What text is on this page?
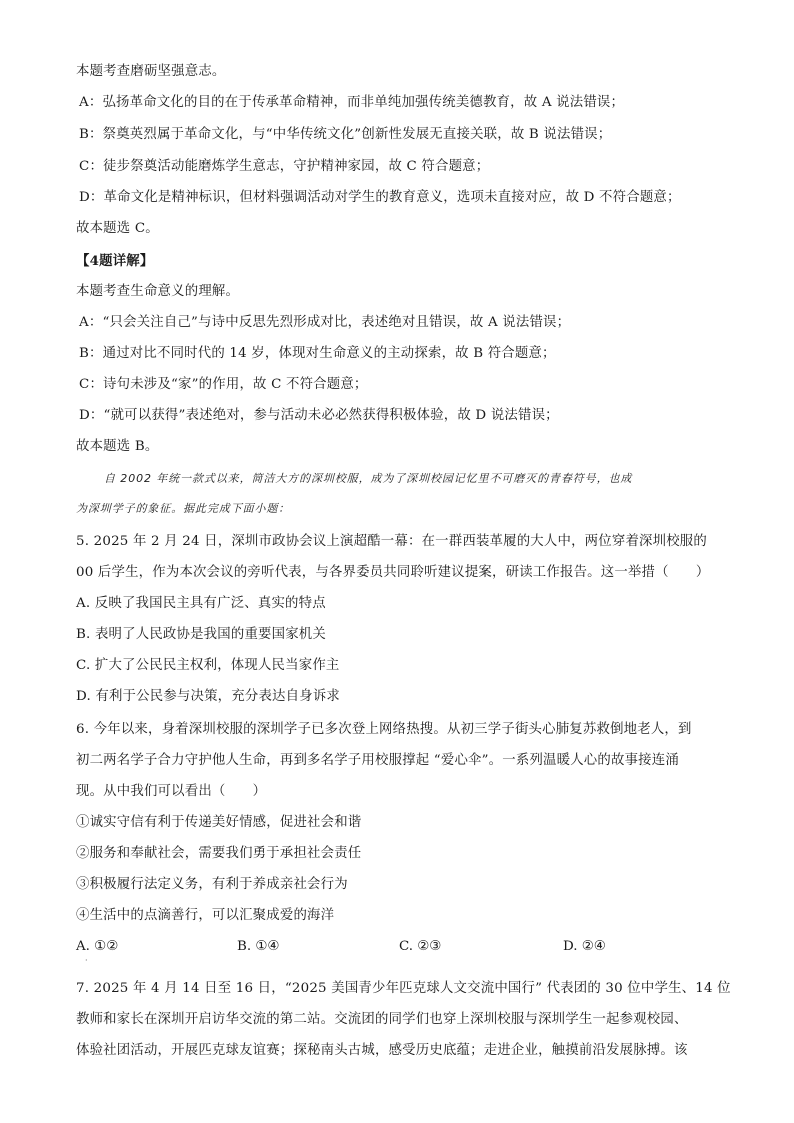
本题考查磨砺坚强意志。
A：弘扬革命文化的目的在于传承革命精神，而非单纯加强传统美德教育，故 A 说法错误；
B：祭奠英烈属于革命文化，与“中华传统文化”创新性发展无直接关联，故 B 说法错误；
C：徒步祭奠活动能磨炼学生意志，守护精神家园，故 C 符合题意；
D：革命文化是精神标识，但材料强调活动对学生的教育意义，选项未直接对应，故 D 不符合题意；
故本题选 C。
【4题详解】
本题考查生命意义的理解。
A：“只会关注自己”与诗中反思先烈形成对比，表述绝对且错误，故 A 说法错误；
B：通过对比不同时代的 14 岁，体现对生命意义的主动探索，故 B 符合题意；
C：诗句未涉及“家”的作用，故 C 不符合题意；
D：“就可以获得”表述绝对，参与活动未必必然获得积极体验，故 D 说法错误；
故本题选 B。
自 2002 年统一款式以来，简洁大方的深圳校服，成为了深圳校园记忆里不可磨灭的青春符号，也成
为深圳学子的象征。据此完成下面小题：
5. 2025 年 2 月 24 日，深圳市政协会议上演超酷一幕：在一群西装革履的大人中，两位穿着深圳校服的
00 后学生，作为本次会议的旁听代表，与各界委员共同聆听建议提案，研读工作报告。这一举措（　　）
A. 反映了我国民主具有广泛、真实的特点
B. 表明了人民政协是我国的重要国家机关
C. 扩大了公民民主权利，体现人民当家作主
D. 有利于公民参与决策，充分表达自身诉求
6. 今年以来，身着深圳校服的深圳学子已多次登上网络热搜。从初三学子街头心肺复苏救倒地老人，到
初二两名学子合力守护他人生命，再到多名学子用校服撑起 “爱心伞”。一系列温暖人心的故事接连涌
现。从中我们可以看出（　　）
①诚实守信有利于传递美好情感，促进社会和谐
②服务和奉献社会，需要我们勇于承担社会责任
③积极履行法定义务，有利于养成亲社会行为
④生活中的点滴善行，可以汇聚成爱的海洋
A. ①②	B. ①④	C. ②③	D. ②④
·
7. 2025 年 4 月 14 日至 16 日，“2025 美国青少年匹克球人文交流中国行” 代表团的 30 位中学生、14 位
教师和家长在深圳开启访华交流的第二站。交流团的同学们也穿上深圳校服与深圳学生一起参观校园、
体验社团活动，开展匹克球友谊赛；探秘南头古城，感受历史底蕴；走进企业，触摸前沿发展脉搏。该
